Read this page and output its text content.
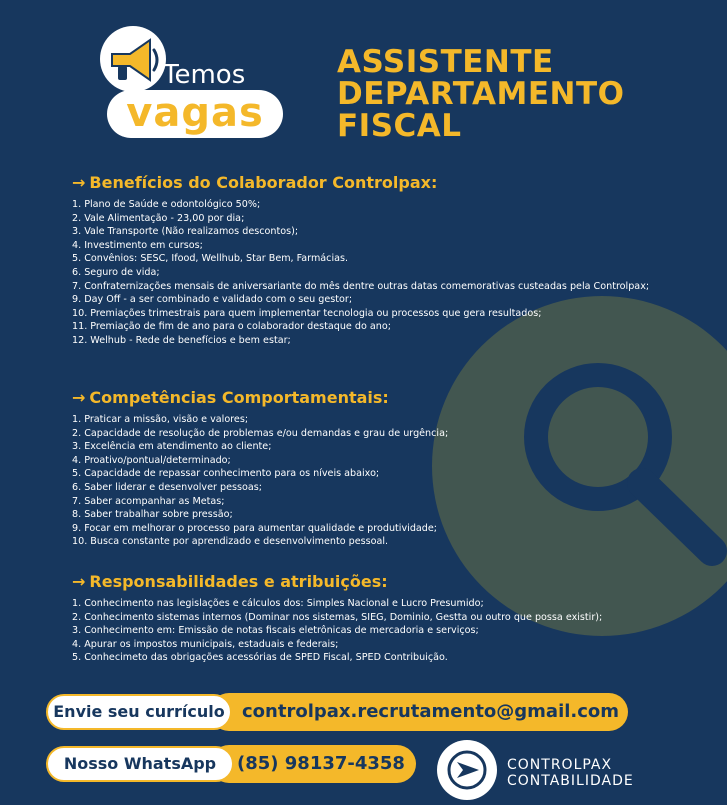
Temos
vagas
ASSISTENTE
DEPARTAMENTO
FISCAL
→ Benefícios do Colaborador Controlpax:
1. Plano de Saúde e odontológico 50%;
2. Vale Alimentação - 23,00 por dia;
3. Vale Transporte (Não realizamos descontos);
4. Investimento em cursos;
5. Convênios: SESC, Ifood, Wellhub, Star Bem, Farmácias.
6. Seguro de vida;
7. Confraternizações mensais de aniversariante do mês dentre outras datas comemorativas custeadas pela Controlpax;
9. Day Off - a ser combinado e validado com o seu gestor;
10. Premiações trimestrais para quem implementar tecnologia ou processos que gera resultados;
11. Premiação de fim de ano para o colaborador destaque do ano;
12. Welhub - Rede de benefícios e bem estar;
→ Competências Comportamentais:
1. Praticar a missão, visão e valores;
2. Capacidade de resolução de problemas e/ou demandas e grau de urgência;
3. Excelência em atendimento ao cliente;
4. Proativo/pontual/determinado;
5. Capacidade de repassar conhecimento para os níveis abaixo;
6. Saber liderar e desenvolver pessoas;
7. Saber acompanhar as Metas;
8. Saber trabalhar sobre pressão;
9. Focar em melhorar o processo para aumentar qualidade e produtividade;
10. Busca constante por aprendizado e desenvolvimento pessoal.
→ Responsabilidades e atribuições:
1. Conhecimento nas legislações e cálculos dos: Simples Nacional e Lucro Presumido;
2. Conhecimento sistemas internos (Dominar nos sistemas, SIEG, Dominio, Gestta ou outro que possa existir);
3. Conhecimento em: Emissão de notas fiscais eletrônicas de mercadoria e serviços;
4. Apurar os impostos municipais, estaduais e federais;
5. Conhecimeto das obrigações acessórias de SPED Fiscal, SPED Contribuição.
controlpax.recrutamento@gmail.com
Envie seu currículo
(85) 98137-4358
Nosso WhatsApp	CONTROLPAX
CONTABILIDADE
